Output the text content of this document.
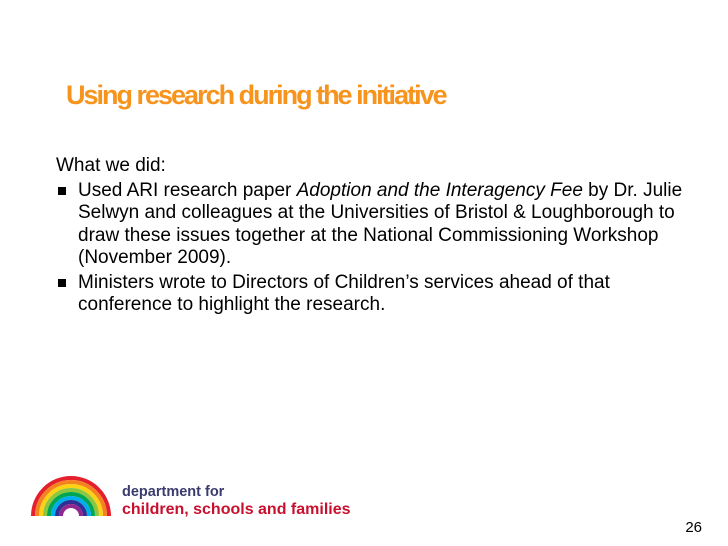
Using research during the initiative

What we did:

Used ARI research paper Adoption and the Interagency Fee by Dr. Julie Selwyn and colleagues at the Universities of Bristol & Loughborough to draw these issues together at the National Commissioning Workshop (November 2009).
Ministers wrote to Directors of Children’s services ahead of that conference to highlight the research.
department for
children, schools and families
26
